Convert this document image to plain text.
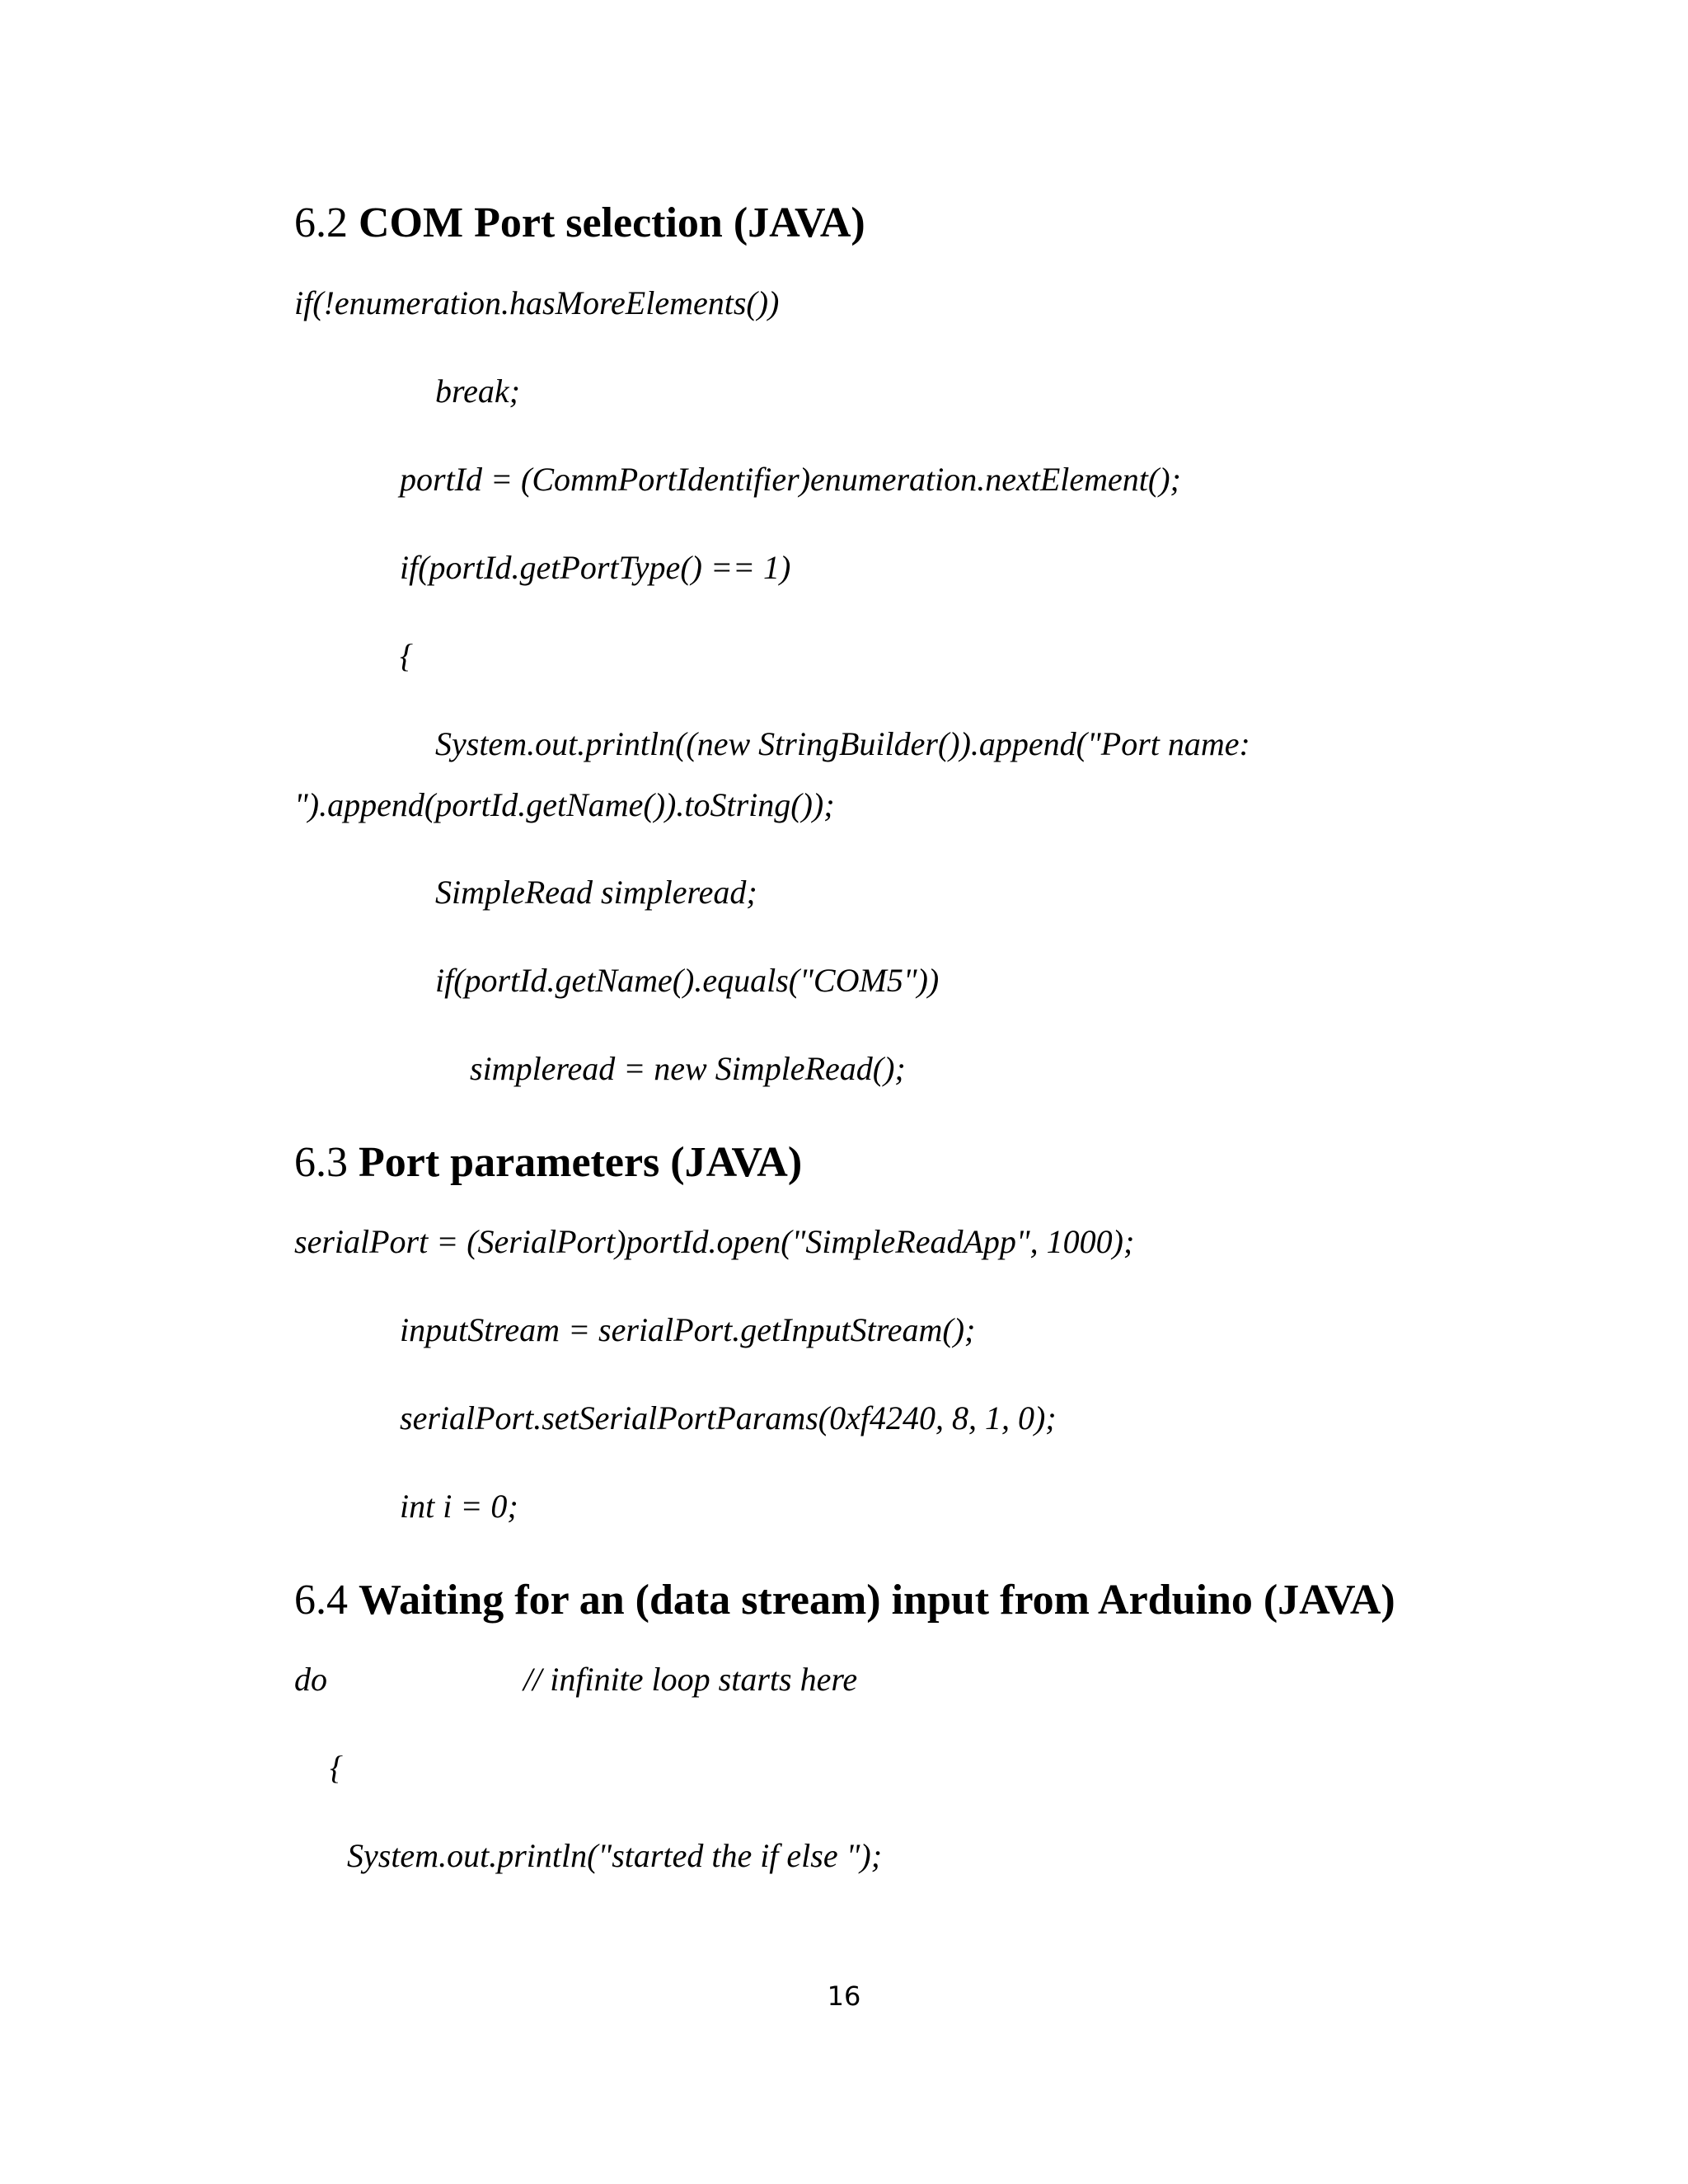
6.2 COM Port selection (JAVA)
if(!enumeration.hasMoreElements())
break;
portId = (CommPortIdentifier)enumeration.nextElement();
if(portId.getPortType() == 1)
{
System.out.println((new StringBuilder()).append("Port name:
").append(portId.getName()).toString());
SimpleRead simpleread;
if(portId.getName().equals("COM5"))
simpleread = new SimpleRead();
6.3 Port parameters (JAVA)
serialPort = (SerialPort)portId.open("SimpleReadApp", 1000);
inputStream = serialPort.getInputStream();
serialPort.setSerialPortParams(0xf4240, 8, 1, 0);
int i = 0;
6.4 Waiting for an (data stream) input from Arduino (JAVA)
do	// infinite loop starts here
{
System.out.println("started the if else ");
16
